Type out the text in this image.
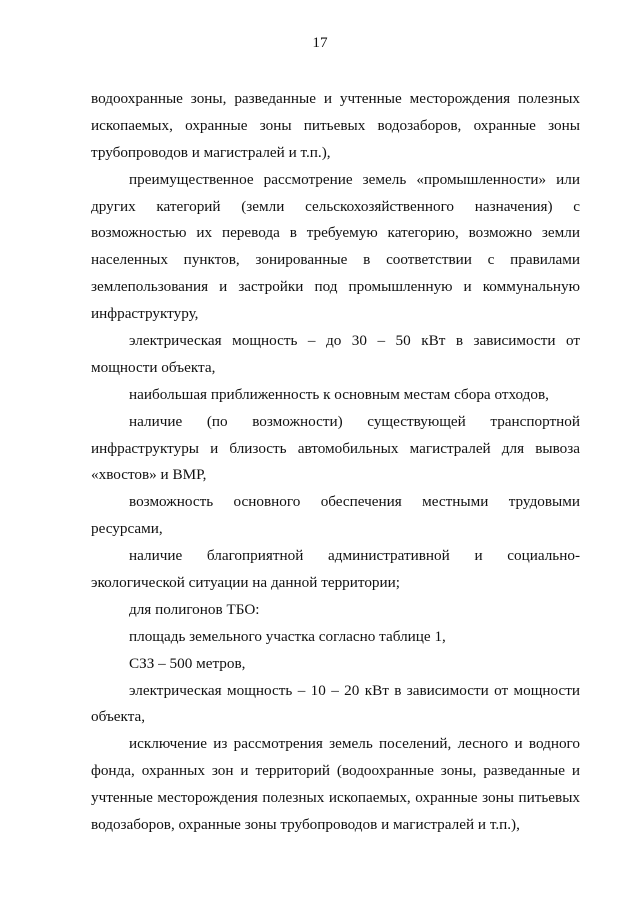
17
водоохранные зоны, разведанные и учтенные месторождения полезных
ископаемых, охранные зоны питьевых водозаборов, охранные зоны
трубопроводов и магистралей и т.п.),
преимущественное рассмотрение земель «промышленности» или
других категорий (земли сельскохозяйственного назначения) с
возможностью их перевода в требуемую категорию, возможно земли
населенных пунктов, зонированные в соответствии с правилами
землепользования и застройки под промышленную и коммунальную
инфраструктуру,
электрическая мощность – до 30 – 50 кВт в зависимости от
мощности объекта,
наибольшая приближенность к основным местам сбора отходов,
наличие (по возможности) существующей транспортной
инфраструктуры и близость автомобильных магистралей для вывоза
«хвостов» и ВМР,
возможность основного обеспечения местными трудовыми
ресурсами,
наличие благоприятной административной и социально-
экологической ситуации на данной территории;
для полигонов ТБО:
площадь земельного участка согласно таблице 1,
СЗЗ – 500 метров,
электрическая мощность – 10 – 20 кВт в зависимости от мощности
объекта,
исключение из рассмотрения земель поселений, лесного и водного
фонда, охранных зон и территорий (водоохранные зоны, разведанные и
учтенные месторождения полезных ископаемых, охранные зоны питьевых
водозаборов, охранные зоны трубопроводов и магистралей и т.п.),
